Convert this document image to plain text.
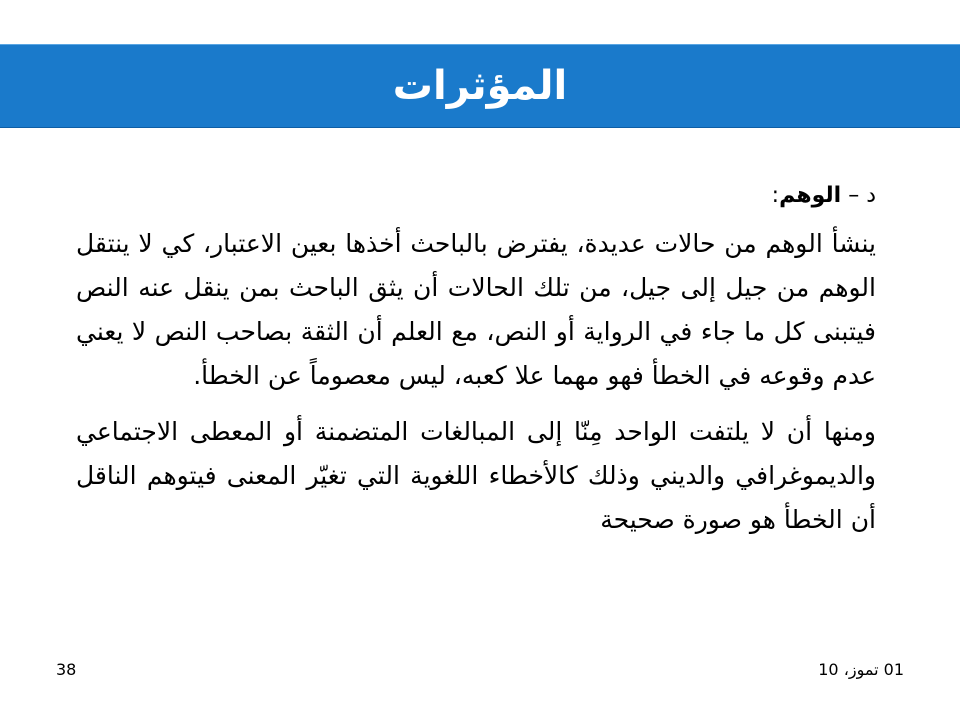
المؤثرات
د – الوهم:

ينشأ الوهم من حالات عديدة، يفترض بالباحث أخذها بعين الاعتبار، كي لا ينتقل الوهم من جيل إلى جيل، من تلك الحالات أن يثق الباحث بمن ينقل عنه النص فيتبنى كل ما جاء في الرواية أو النص، مع العلم أن الثقة بصاحب النص لا يعني عدم وقوعه في الخطأ فهو مهما علا كعبه، ليس معصوماً عن الخطأ.

ومنها أن لا يلتفت الواحد مِنّا إلى المبالغات المتضمنة أو المعطى الاجتماعي والديموغرافي والديني وذلك كالأخطاء اللغوية التي تغيّر المعنى فيتوهم الناقل أن الخطأ هو صورة صحيحة

01 تموز، 10
38
